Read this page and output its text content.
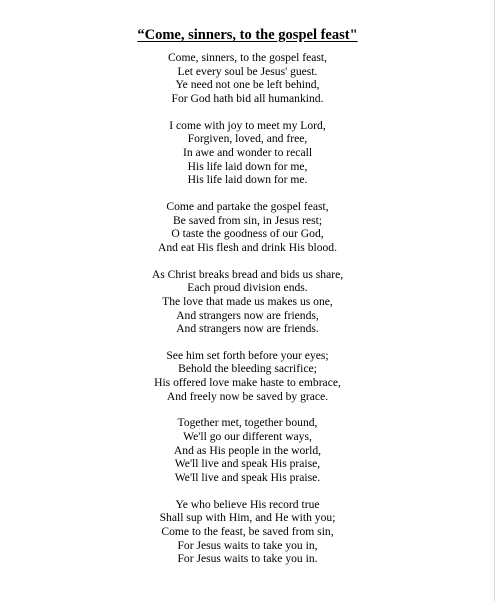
“Come, sinners, to the gospel feast"
Come, sinners, to the gospel feast,
Let every soul be Jesus' guest.
Ye need not one be left behind,
For God hath bid all humankind.
I come with joy to meet my Lord,
Forgiven, loved, and free,
In awe and wonder to recall
His life laid down for me,
His life laid down for me.
Come and partake the gospel feast,
Be saved from sin, in Jesus rest;
O taste the goodness of our God,
And eat His flesh and drink His blood.
As Christ breaks bread and bids us share,
Each proud division ends.
The love that made us makes us one,
And strangers now are friends,
And strangers now are friends.
See him set forth before your eyes;
Behold the bleeding sacrifice;
His offered love make haste to embrace,
And freely now be saved by grace.
Together met, together bound,
We'll go our different ways,
And as His people in the world,
We'll live and speak His praise,
We'll live and speak His praise.
Ye who believe His record true
Shall sup with Him, and He with you;
Come to the feast, be saved from sin,
For Jesus waits to take you in,
For Jesus waits to take you in.
